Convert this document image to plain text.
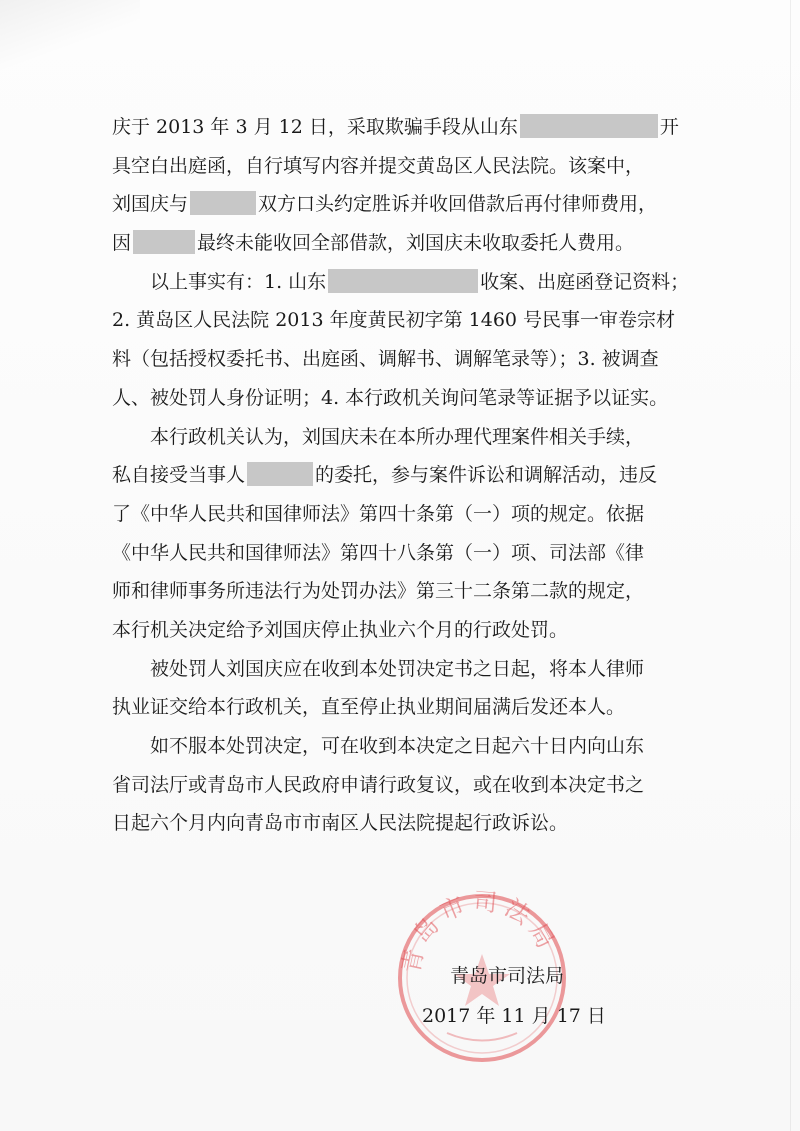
庆于 2013 年 3 月 12 日，采取欺骗手段从山东	开
具空白出庭函，自行填写内容并提交黄岛区人民法院。该案中，
刘国庆与	双方口头约定胜诉并收回借款后再付律师费用，
因	最终未能收回全部借款，刘国庆未收取委托人费用。
以上事实有：1. 山东	收案、出庭函登记资料；
2. 黄岛区人民法院 2013 年度黄民初字第 1460 号民事一审卷宗材
料（包括授权委托书、出庭函、调解书、调解笔录等）；3. 被调查
人、被处罚人身份证明；4. 本行政机关询问笔录等证据予以证实。
本行政机关认为，刘国庆未在本所办理代理案件相关手续，
私自接受当事人	的委托，参与案件诉讼和调解活动，违反
了《中华人民共和国律师法》第四十条第（一）项的规定。依据
《中华人民共和国律师法》第四十八条第（一）项、司法部《律
师和律师事务所违法行为处罚办法》第三十二条第二款的规定，
本行机关决定给予刘国庆停止执业六个月的行政处罚。
被处罚人刘国庆应在收到本处罚决定书之日起，将本人律师
执业证交给本行政机关，直至停止执业期间届满后发还本人。
如不服本处罚决定，可在收到本决定之日起六十日内向山东
省司法厅或青岛市人民政府申请行政复议，或在收到本决定书之
日起六个月内向青岛市市南区人民法院提起行政诉讼。
青岛市司法局
青岛市司法局
2017 年 11 月 17 日
